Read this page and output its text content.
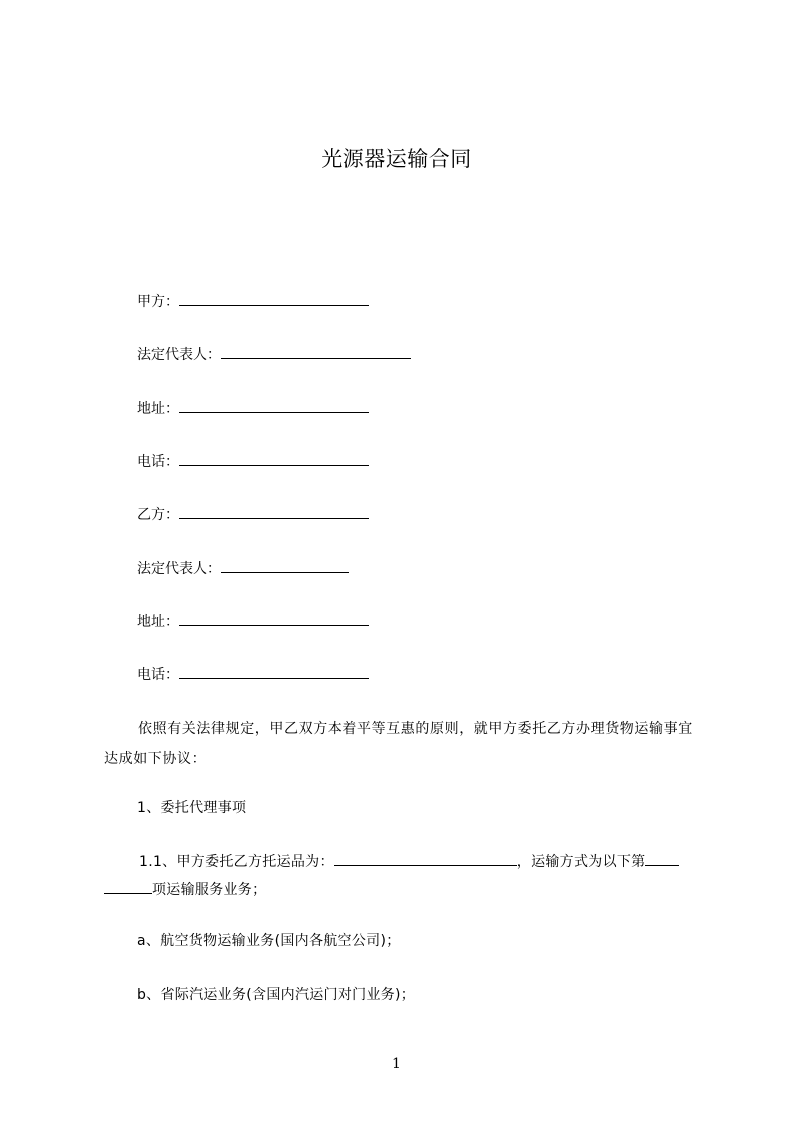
光源器运输合同
甲方：
法定代表人：
地址：
电话：
乙方：
法定代表人：
地址：
电话：
依照有关法律规定，甲乙双方本着平等互惠的原则，就甲方委托乙方办理货物运输事宜达成如下协议：
1、委托代理事项
1.1、甲方委托乙方托运品为：	，运输方式为以下第
项运输服务业务；
a、航空货物运输业务(国内各航空公司)；
b、省际汽运业务(含国内汽运门对门业务)；
1
